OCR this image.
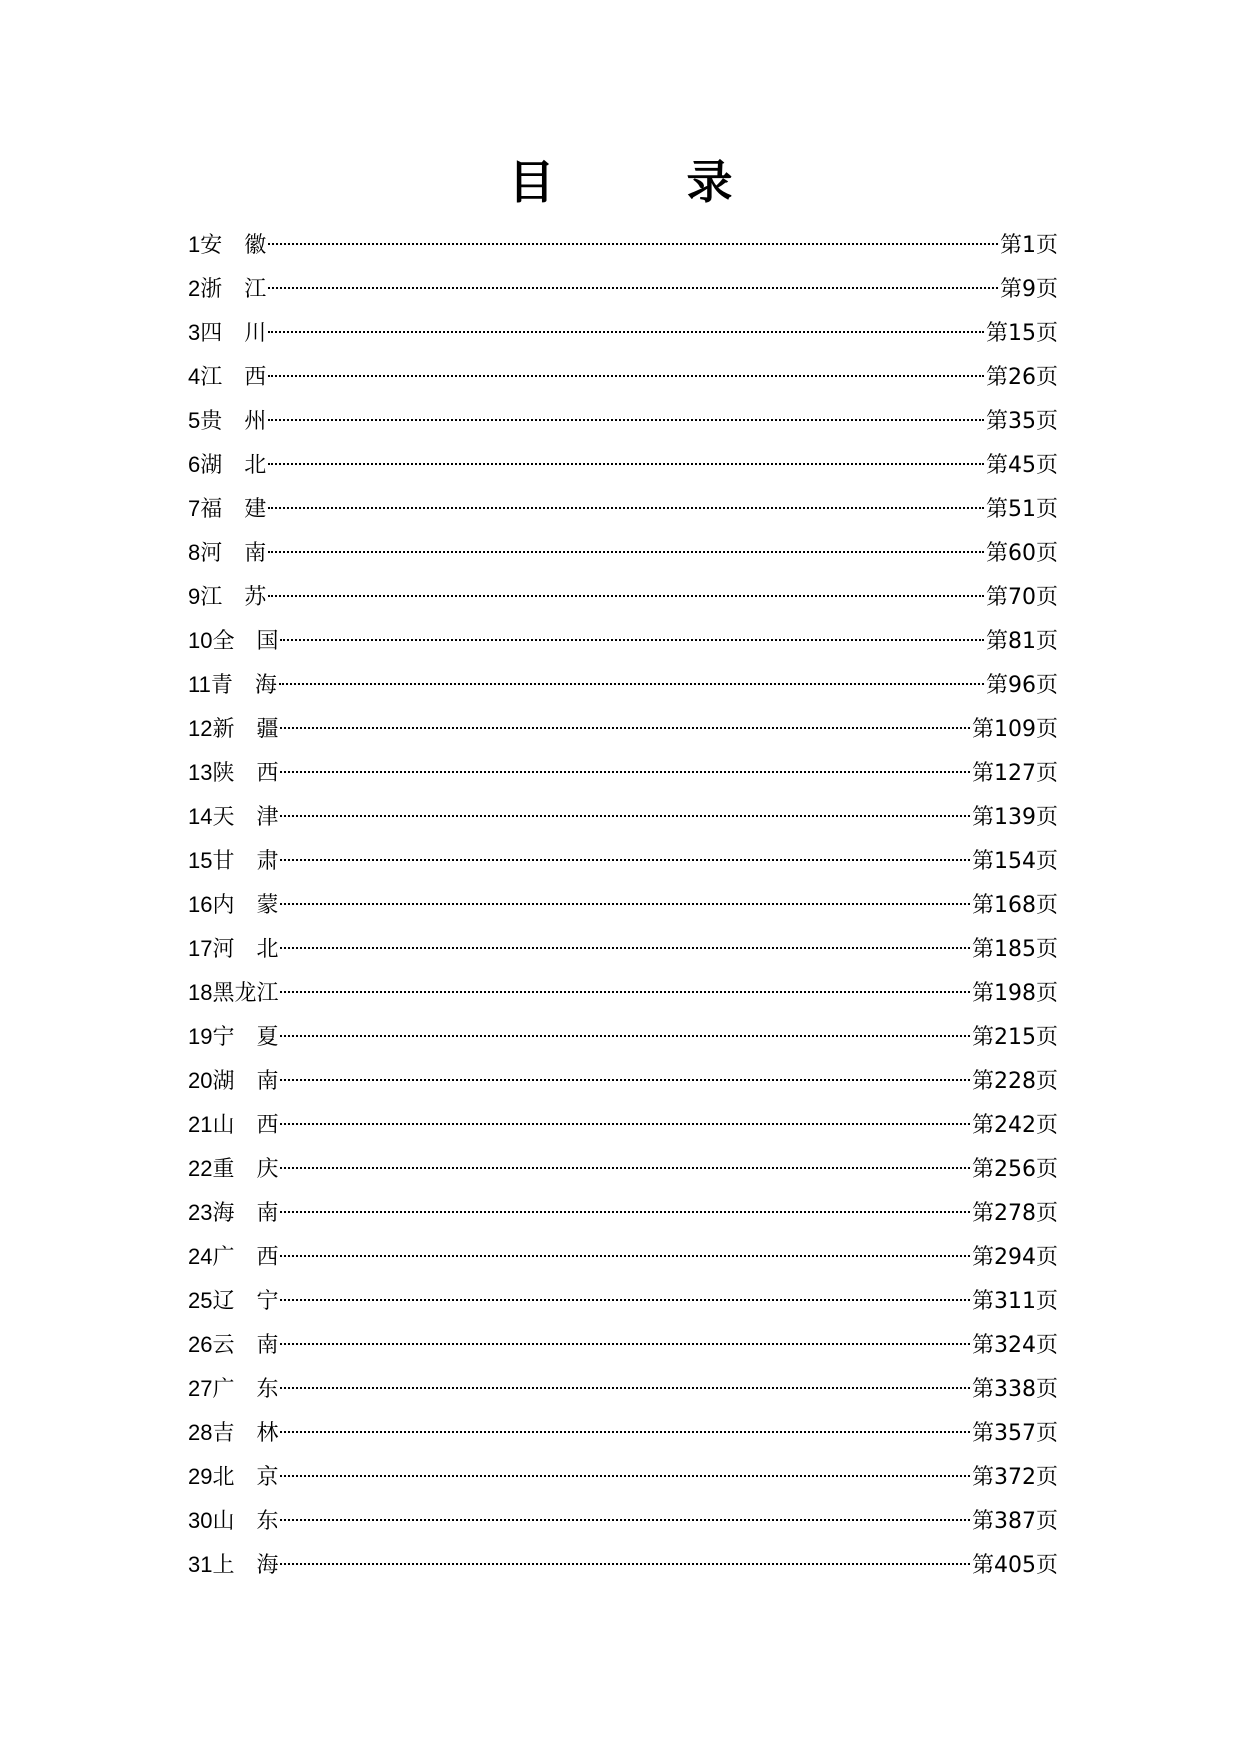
目 录
1 安徽	第1页
2 浙江	第9页
3 四川	第15页
4 江西	第26页
5 贵州	第35页
6 湖北	第45页
7 福建	第51页
8 河南	第60页
9 江苏	第70页
10 全国	第81页
11 青海	第96页
12 新疆	第109页
13 陕西	第127页
14 天津	第139页
15 甘肃	第154页
16 内蒙	第168页
17 河北	第185页
18 黑龙江	第198页
19 宁夏	第215页
20 湖南	第228页
21 山西	第242页
22 重庆	第256页
23 海南	第278页
24 广西	第294页
25 辽宁	第311页
26 云南	第324页
27 广东	第338页
28 吉林	第357页
29 北京	第372页
30 山东	第387页
31 上海	第405页
